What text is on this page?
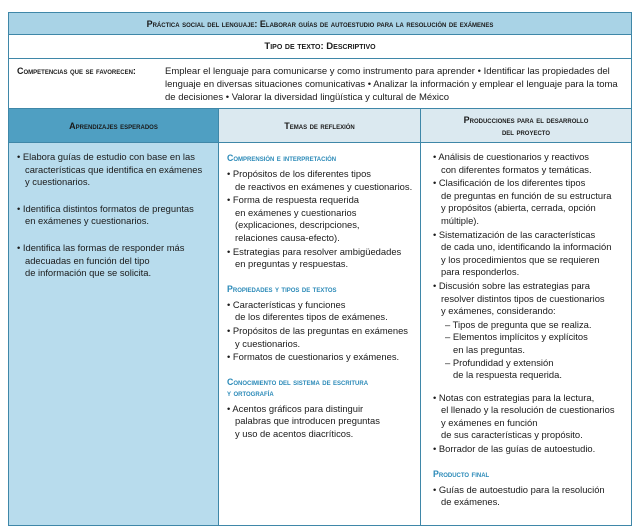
Práctica social del lenguaje: Elaborar guías de autoestudio para la resolución de exámenes
Tipo de texto: Descriptivo
Competencias que se favorecen:	Emplear el lenguaje para comunicarse y como instrumento para aprender • Identificar las propiedades del
lenguaje en diversas situaciones comunicativas • Analizar la información y emplear el lenguaje para la toma
de decisiones • Valorar la diversidad lingüística y cultural de México
Aprendizajes esperados	Temas de reflexión
Producciones para el desarrollo
del proyecto
• Elabora guías de estudio con base en las
características que identifica en exámenes
y cuestionarios.
• Identifica distintos formatos de preguntas
en exámenes y cuestionarios.
• Identifica las formas de responder más
adecuadas en función del tipo
de información que se solicita.
Comprensión e interpretación
• Propósitos de los diferentes tipos
de reactivos en exámenes y cuestionarios.
• Forma de respuesta requerida
en exámenes y cuestionarios
(explicaciones, descripciones,
relaciones causa-efecto).
• Estrategias para resolver ambigüedades
en preguntas y respuestas.
Propiedades y tipos de textos
• Características y funciones
de los diferentes tipos de exámenes.
• Propósitos de las preguntas en exámenes
y cuestionarios.
• Formatos de cuestionarios y exámenes.
Conocimiento del sistema de escritura
y ortografía
• Acentos gráficos para distinguir
palabras que introducen preguntas
y uso de acentos diacríticos.
• Análisis de cuestionarios y reactivos
con diferentes formatos y temáticas.
• Clasificación de los diferentes tipos
de preguntas en función de su estructura
y propósitos (abierta, cerrada, opción
múltiple).
• Sistematización de las características
de cada uno, identificando la información
y los procedimientos que se requieren
para responderlos.
• Discusión sobre las estrategias para
resolver distintos tipos de cuestionarios
y exámenes, considerando:
– Tipos de pregunta que se realiza.
– Elementos implícitos y explícitos
en las preguntas.
– Profundidad y extensión
de la respuesta requerida.
• Notas con estrategias para la lectura,
el llenado y la resolución de cuestionarios
y exámenes en función
de sus características y propósito.
• Borrador de las guías de autoestudio.
Producto final
• Guías de autoestudio para la resolución
de exámenes.
